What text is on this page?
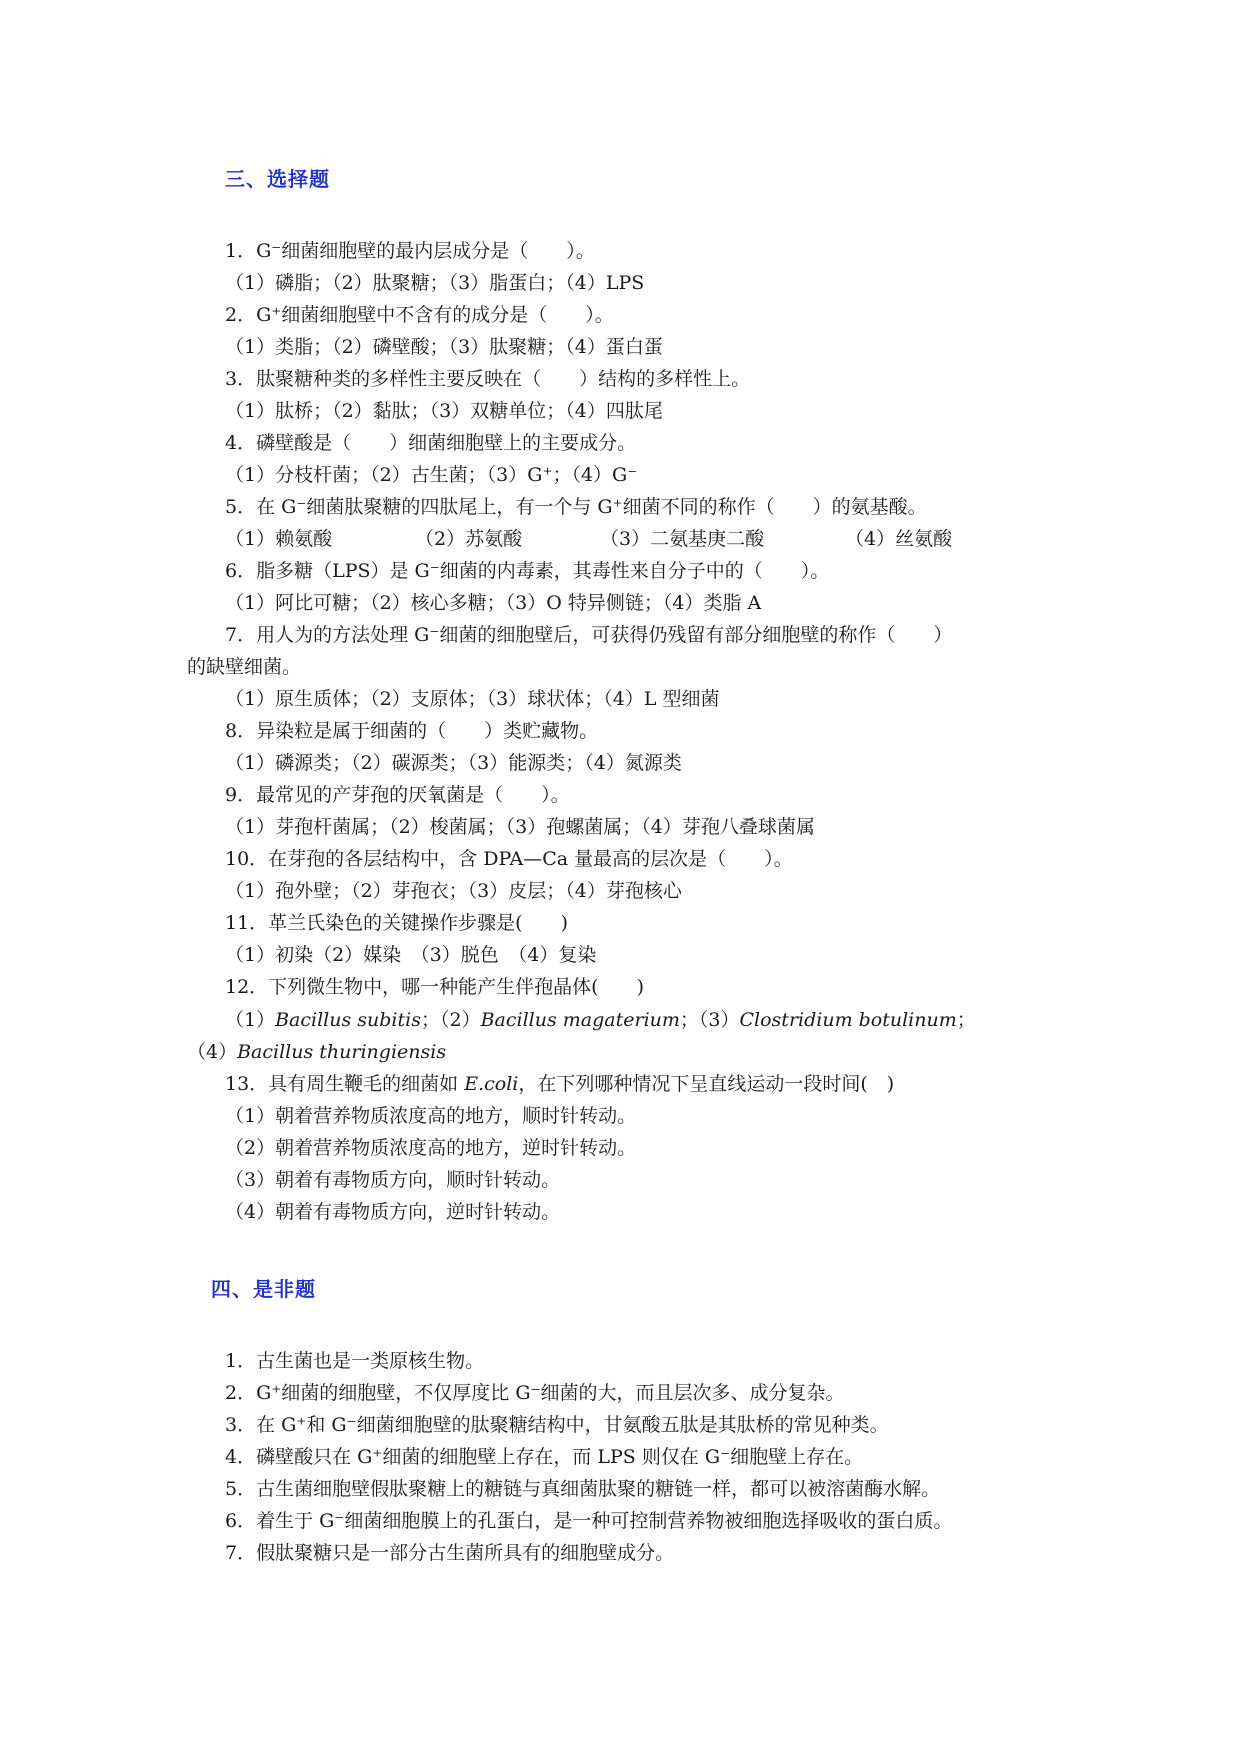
三、选择题
1．G⁻细菌细胞壁的最内层成分是（　　）。
（1）磷脂；（2）肽聚糖；（3）脂蛋白；（4）LPS
2．G⁺细菌细胞壁中不含有的成分是（　　）。
（1）类脂；（2）磷壁酸；（3）肽聚糖；（4）蛋白蛋
3．肽聚糖种类的多样性主要反映在（　　）结构的多样性上。
（1）肽桥；（2）黏肽；（3）双糖单位；（4）四肽尾
4．磷壁酸是（　　）细菌细胞壁上的主要成分。
（1）分枝杆菌；（2）古生菌；（3）G⁺；（4）G⁻
5．在 G⁻细菌肽聚糖的四肽尾上，有一个与 G⁺细菌不同的称作（　　）的氨基酸。
（1）赖氨酸	（2）苏氨酸	（3）二氨基庚二酸	（4）丝氨酸
6．脂多糖（LPS）是 G⁻细菌的内毒素，其毒性来自分子中的（　　）。
（1）阿比可糖；（2）核心多糖；（3）O 特异侧链；（4）类脂 A
7．用人为的方法处理 G⁻细菌的细胞壁后，可获得仍残留有部分细胞壁的称作（　　）
的缺壁细菌。
（1）原生质体；（2）支原体；（3）球状体；（4）L 型细菌
8．异染粒是属于细菌的（　　）类贮藏物。
（1）磷源类；（2）碳源类；（3）能源类；（4）氮源类
9．最常见的产芽孢的厌氧菌是（　　）。
（1）芽孢杆菌属；（2）梭菌属；（3）孢螺菌属；（4）芽孢八叠球菌属
10．在芽孢的各层结构中，含 DPA—Ca 量最高的层次是（　　）。
（1）孢外壁；（2）芽孢衣；（3）皮层；（4）芽孢核心
11．革兰氏染色的关键操作步骤是(　　)
（1）初染（2）媒染　（3）脱色　（4）复染
12．下列微生物中，哪一种能产生伴孢晶体(　　)
（1）Bacillus subitis；（2）Bacillus magaterium；（3）Clostridium botulinum；
（4）Bacillus thuringiensis
13．具有周生鞭毛的细菌如 E.coli，在下列哪种情况下呈直线运动一段时间(　)
（1）朝着营养物质浓度高的地方，顺时针转动。
（2）朝着营养物质浓度高的地方，逆时针转动。
（3）朝着有毒物质方向，顺时针转动。
（4）朝着有毒物质方向，逆时针转动。
四、是非题
1．古生菌也是一类原核生物。
2．G⁺细菌的细胞壁，不仅厚度比 G⁻细菌的大，而且层次多、成分复杂。
3．在 G⁺和 G⁻细菌细胞壁的肽聚糖结构中，甘氨酸五肽是其肽桥的常见种类。
4．磷壁酸只在 G⁺细菌的细胞壁上存在，而 LPS 则仅在 G⁻细胞壁上存在。
5．古生菌细胞壁假肽聚糖上的糖链与真细菌肽聚的糖链一样，都可以被溶菌酶水解。
6．着生于 G⁻细菌细胞膜上的孔蛋白，是一种可控制营养物被细胞选择吸收的蛋白质。
7．假肽聚糖只是一部分古生菌所具有的细胞壁成分。
